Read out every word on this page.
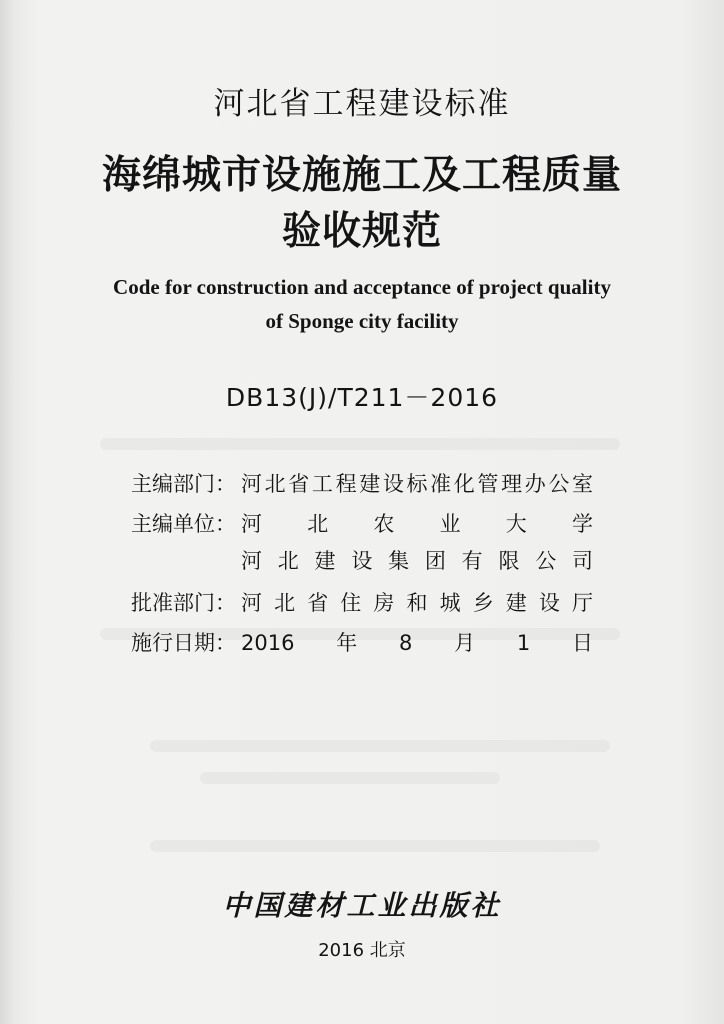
河北省工程建设标准
海绵城市设施施工及工程质量
验收规范
Code for construction and acceptance of project quality
of Sponge city facility
DB13(J)/T211－2016
主编部门： 河北省工程建设标准化管理办公室
主编单位： 河北农业大学
河北建设集团有限公司
批准部门： 河北省住房和城乡建设厅
施行日期： 2016年8月1日
中国建材工业出版社
2016 北京
